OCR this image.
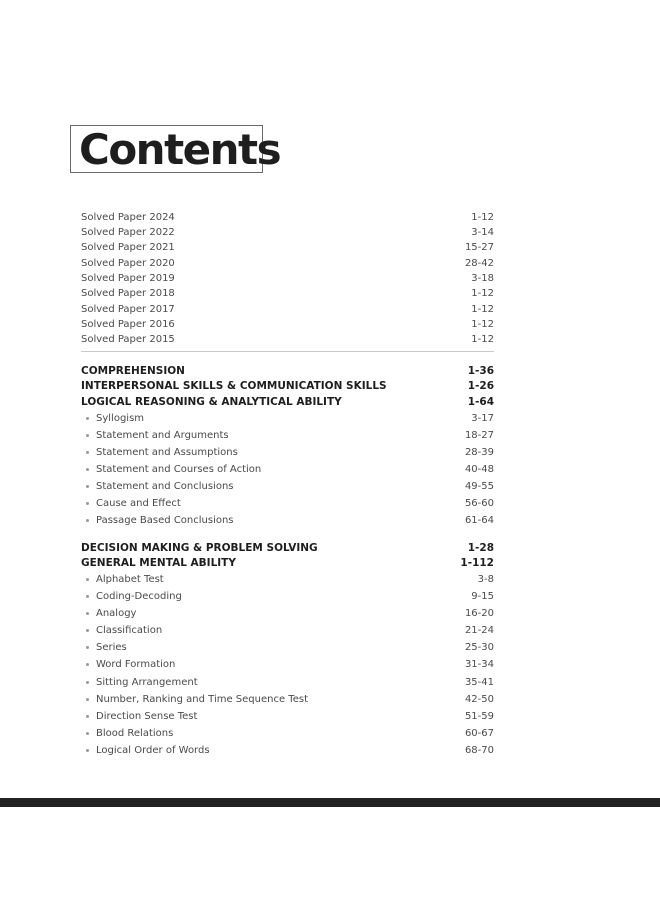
Contents
Solved Paper 2024	1-12
Solved Paper 2022	3-14
Solved Paper 2021	15-27
Solved Paper 2020	28-42
Solved Paper 2019	3-18
Solved Paper 2018	1-12
Solved Paper 2017	1-12
Solved Paper 2016	1-12
Solved Paper 2015	1-12
COMPREHENSION	1-36
INTERPERSONAL SKILLS & COMMUNICATION SKILLS	1-26
LOGICAL REASONING & ANALYTICAL ABILITY	1-64
Syllogism	3-17
Statement and Arguments	18-27
Statement and Assumptions	28-39
Statement and Courses of Action	40-48
Statement and Conclusions	49-55
Cause and Effect	56-60
Passage Based Conclusions	61-64
DECISION MAKING & PROBLEM SOLVING	1-28
GENERAL MENTAL ABILITY	1-112
Alphabet Test	3-8
Coding-Decoding	9-15
Analogy	16-20
Classification	21-24
Series	25-30
Word Formation	31-34
Sitting Arrangement	35-41
Number, Ranking and Time Sequence Test	42-50
Direction Sense Test	51-59
Blood Relations	60-67
Logical Order of Words	68-70
